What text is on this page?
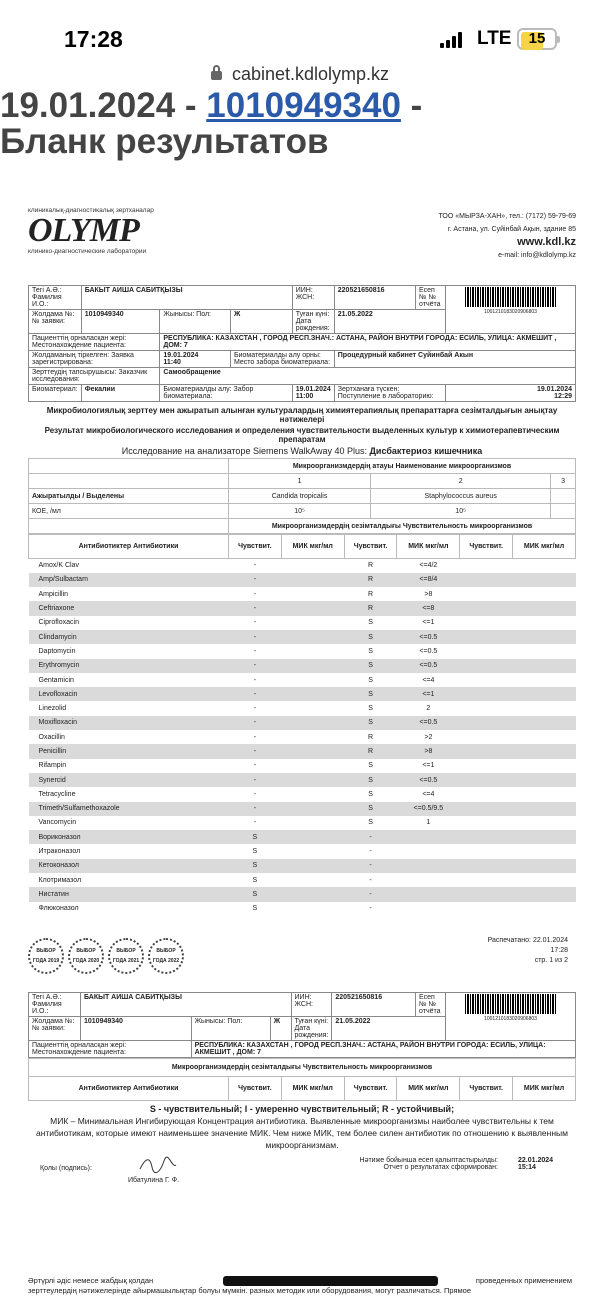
17:28	LTE	15
cabinet.kdlolymp.kz
19.01.2024 - 1010949340 -
Бланк результатов
клиникалық-диагностикалық зертханалар
OLYMP
клинико-диагностические лаборатории
ТОО «МЫРЗА-ХАН», тел.: (7172) 59-79-69
г. Астана, ул. Суйінбай Ақын, здание 85
www.kdl.kz
e-mail: info@kdlolymp.kz
Тегі А.Ә.: Фамилия И.О.:	БАКЫТ АИША САБИТҚЫЗЫ			ИИН: ЖСН:	220521650816	Есеп № № отчёта	1001210183020906803

Жолдама №: № заявки:	1010949340	Жынысы: Пол:	Ж	Туған күні: Дата рождения:	21.05.2022		
Пациенттің орналасқан жері: Местонахождение пациента:		РЕСПУБЛИКА: КАЗАХСТАН , ГОРОД РЕСП.ЗНАЧ.: АСТАНА, РАЙОН ВНУТРИ ГОРОДА: ЕСИЛЬ, УЛИЦА: АКМЕШИТ , ДОМ: 7					
Жолдаманың тіркелген: Заявка зарегистрирована:		19.01.2024
11:40	Биоматериалды алу орны: Место забора биоматериала:		Процедурный кабинет Суйинбай Акын		
Зерттеудің тапсырушысы: Заказчик исследования:		Самообращение					
Биоматериал:	Фекалии	Биоматериалды алу: Забор биоматериала:		19.01.2024
11:00	Зертханаға түскен: Поступление в лабораторию:		19.01.2024
12:29
Микробиологиялық зерттеу мен ажыратып алынған культуралардың химиятерапиялық препараттарға сезімталдығын анықтау нәтижелері
Результат микробиологического исследования и определения чувствительности выделенных культур к химиотерапевтическим препаратам
Исследование на анализаторе Siemens WalkAway 40 Plus: Дисбактериоз кишечника
	Микроорганизмдердің атауы Наименование микроорганизмов		
	1	2	3
Ажыратылды / Выделены	Candida tropicalis	Staphylococcus aureus	
КОЕ, /мл	10⁵	10⁵	
	Микроорганизмдердің сезімталдығы Чувствительность микроорганизмов		
Антибиотиктер Антибиотики	Чувствит.	МИК мкг/мл	Чувствит.	МИК мкг/мл	Чувствит.	МИК мкг/мл
Amox/K Clav	-		R	<=4/2		
Amp/Sulbactam	-		R	<=8/4		
Ampicillin	-		R	>8		
Ceftriaxone	-		R	<=8		
Ciprofloxacin	-		S	<=1		
Clindamycin	-		S	<=0.5		
Daptomycin	-		S	<=0.5		
Erythromycin	-		S	<=0.5		
Gentamicin	-		S	<=4		
Levofloxacin	-		S	<=1		
Linezolid	-		S	2		
Moxifloxacin	-		S	<=0.5		
Oxacillin	-		R	>2		
Penicillin	-		R	>8		
Rifampin	-		S	<=1		
Synercid	-		S	<=0.5		
Tetracycline	-		S	<=4		
Trimeth/Sulfamethoxazole	-		S	<=0.5/9.5		
Vancomycin	-		S	1		
Вориконазол	S		-			
Итраконазол	S		-			
Кетоконазол	S		-			
Клотримазол	S		-			
Нистатин	S		-			
Флюконазол	S		-			
ВЫБОР ГОДА 2019
ВЫБОР ГОДА 2020
ВЫБОР ГОДА 2021
ВЫБОР ГОДА 2022
Распечатано: 22.01.2024
17:28
стр. 1 из 2
Тегі А.Ә.: Фамилия И.О.:	БАКЫТ АИША САБИТҚЫЗЫ			ИИН: ЖСН:	220521650816	Есеп № № отчёта	1001210183020906803

Жолдама №: № заявки:	1010949340	Жынысы: Пол:	Ж	Туған күні: Дата рождения:	21.05.2022		
Пациенттің орналасқан жері: Местонахождение пациента:		РЕСПУБЛИКА: КАЗАХСТАН , ГОРОД РЕСП.ЗНАЧ.: АСТАНА, РАЙОН ВНУТРИ ГОРОДА: ЕСИЛЬ, УЛИЦА: АКМЕШИТ , ДОМ: 7					
Микроорганизмдердің сезімталдығы Чувствительность микроорганизмов
Антибиотиктер Антибиотики	Чувствит.	МИК мкг/мл	Чувствит.	МИК мкг/мл	Чувствит.	МИК мкг/мл
S - чувствительный; I - умеренно чувствительный; R - устойчивый;
МИК – Минимальная Ингибирующая Концентрация антибиотика. Выявленные микроорганизмы наиболее чувствительны к тем антибиотикам, которые имеют наименьшее значение МИК. Чем ниже МИК, тем более силен антибиотик по отношению к выявленным микроорганизмам.
Қолы (подпись):
Ибатулина Г. Ф.
Нәтиже бойынша есеп қалыптастырылды: Отчет о результатах сформирован:
22.01.2024
15:14
Әртүрлі әдіс немесе жабдық қолдан	проведенных применением
зерттеулердің нәтижелерінде айырмашылықтар болуы мүмкін. разных методик или оборудования, могут различаться. Прямое
